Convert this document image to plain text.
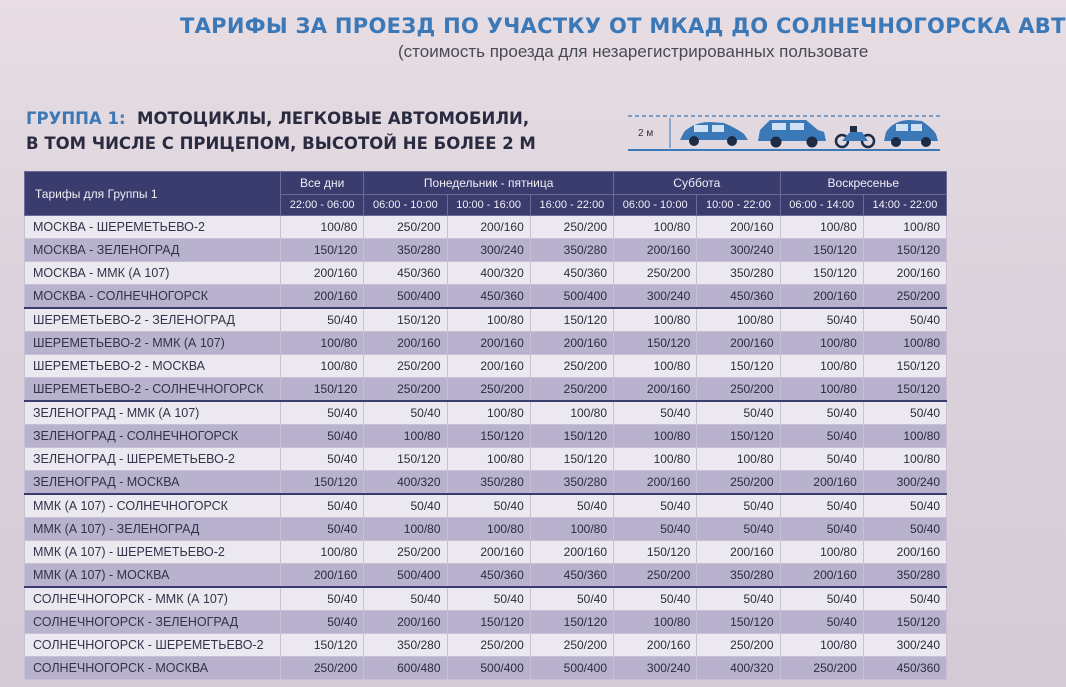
ТАРИФЫ ЗА ПРОЕЗД ПО УЧАСТКУ ОТ МКАД ДО СОЛНЕЧНОГОРСКА АВТ
(стоимость проезда для незарегистрированных пользовате
ГРУППА 1: МОТОЦИКЛЫ, ЛЕГКОВЫЕ АВТОМОБИЛИ,
В ТОМ ЧИСЛЕ С ПРИЦЕПОМ, ВЫСОТОЙ НЕ БОЛЕЕ 2 М
2 м
Тарифы для Группы 1	Все дни	Понедельник - пятница			Суббота		Воскресенье	
	22:00 - 06:00	06:00 - 10:00	10:00 - 16:00	16:00 - 22:00	06:00 - 10:00	10:00 - 22:00	06:00 - 14:00	14:00 - 22:00
МОСКВА - ШЕРЕМЕТЬЕВО-2	100/80	250/200	200/160	250/200	100/80	200/160	100/80	100/80
МОСКВА - ЗЕЛЕНОГРАД	150/120	350/280	300/240	350/280	200/160	300/240	150/120	150/120
МОСКВА - ММК (А 107)	200/160	450/360	400/320	450/360	250/200	350/280	150/120	200/160
МОСКВА - СОЛНЕЧНОГОРСК	200/160	500/400	450/360	500/400	300/240	450/360	200/160	250/200
ШЕРЕМЕТЬЕВО-2 - ЗЕЛЕНОГРАД	50/40	150/120	100/80	150/120	100/80	100/80	50/40	50/40
ШЕРЕМЕТЬЕВО-2 - ММК (А 107)	100/80	200/160	200/160	200/160	150/120	200/160	100/80	100/80
ШЕРЕМЕТЬЕВО-2 - МОСКВА	100/80	250/200	200/160	250/200	100/80	150/120	100/80	150/120
ШЕРЕМЕТЬЕВО-2 - СОЛНЕЧНОГОРСК	150/120	250/200	250/200	250/200	200/160	250/200	100/80	150/120
ЗЕЛЕНОГРАД - ММК (А 107)	50/40	50/40	100/80	100/80	50/40	50/40	50/40	50/40
ЗЕЛЕНОГРАД - СОЛНЕЧНОГОРСК	50/40	100/80	150/120	150/120	100/80	150/120	50/40	100/80
ЗЕЛЕНОГРАД - ШЕРЕМЕТЬЕВО-2	50/40	150/120	100/80	150/120	100/80	100/80	50/40	100/80
ЗЕЛЕНОГРАД - МОСКВА	150/120	400/320	350/280	350/280	200/160	250/200	200/160	300/240
ММК (А 107) - СОЛНЕЧНОГОРСК	50/40	50/40	50/40	50/40	50/40	50/40	50/40	50/40
ММК (А 107) - ЗЕЛЕНОГРАД	50/40	100/80	100/80	100/80	50/40	50/40	50/40	50/40
ММК (А 107) - ШЕРЕМЕТЬЕВО-2	100/80	250/200	200/160	200/160	150/120	200/160	100/80	200/160
ММК (А 107) - МОСКВА	200/160	500/400	450/360	450/360	250/200	350/280	200/160	350/280
СОЛНЕЧНОГОРСК - ММК (А 107)	50/40	50/40	50/40	50/40	50/40	50/40	50/40	50/40
СОЛНЕЧНОГОРСК - ЗЕЛЕНОГРАД	50/40	200/160	150/120	150/120	100/80	150/120	50/40	150/120
СОЛНЕЧНОГОРСК - ШЕРЕМЕТЬЕВО-2	150/120	350/280	250/200	250/200	200/160	250/200	100/80	300/240
СОЛНЕЧНОГОРСК - МОСКВА	250/200	600/480	500/400	500/400	300/240	400/320	250/200	450/360
